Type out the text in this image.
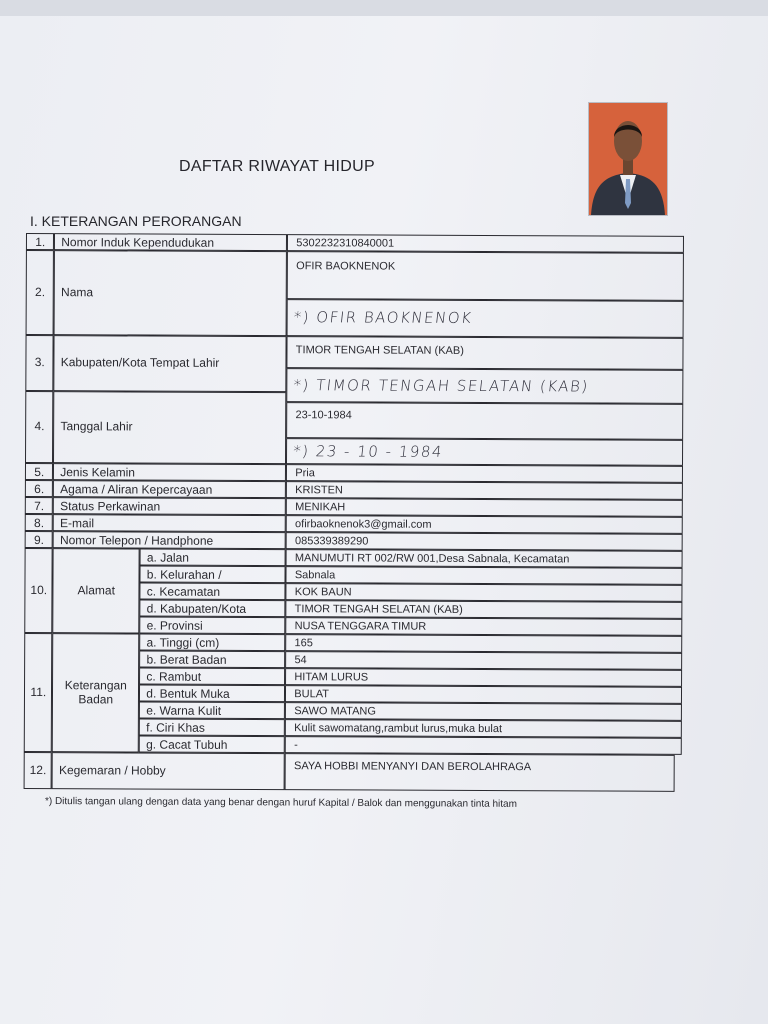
DAFTAR RIWAYAT HIDUP
I. KETERANGAN PERORANGAN
1.	Nomor Induk Kependudukan	5302232310840001
2. Nama
OFIR BAOKNENOK
*) OFIR BAOKNENOK
3. Kabupaten/Kota Tempat Lahir
TIMOR TENGAH SELATAN (KAB)
*) TIMOR TENGAH SELATAN (KAB)
4. Tanggal Lahir
23-10-1984
*) 23 - 10 - 1984
5.	Jenis Kelamin	Pria
6.	Agama / Aliran Kepercayaan	KRISTEN
7.	Status Perkawinan	MENIKAH
8.	E-mail	ofirbaoknenok3@gmail.com
9.	Nomor Telepon / Handphone	085339389290
10.	Alamat
a. Jalan	MANUMUTI RT 002/RW 001,Desa Sabnala, Kecamatan
b. Kelurahan /	Sabnala
c. Kecamatan	KOK BAUN
d. Kabupaten/Kota	TIMOR TENGAH SELATAN (KAB)
e. Provinsi	NUSA TENGGARA TIMUR
11.	Keterangan Badan
a. Tinggi (cm)	165
b. Berat Badan	54
c. Rambut	HITAM LURUS
d. Bentuk Muka	BULAT
e. Warna Kulit	SAWO MATANG
f. Ciri Khas	Kulit sawomatang,rambut lurus,muka bulat
g. Cacat Tubuh	-
12. Kegemaran / Hobby	SAYA HOBBI MENYANYI DAN BEROLAHRAGA
*) Ditulis tangan ulang dengan data yang benar dengan huruf Kapital / Balok dan menggunakan tinta hitam
